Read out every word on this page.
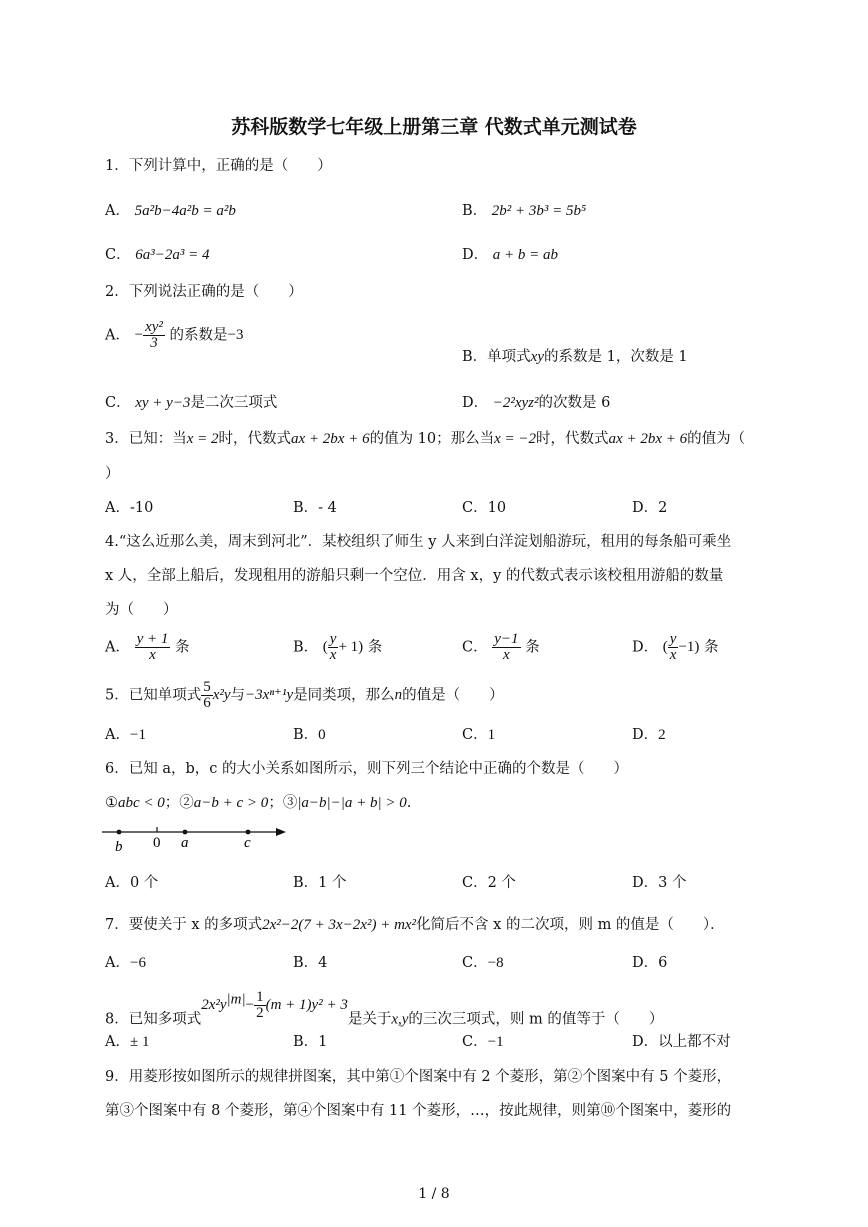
苏科版数学七年级上册第三章 代数式单元测试卷
1．下列计算中，正确的是（　　）
A． 5a²b−4a²b = a²b	B． 2b² + 3b³ = 5b⁵
C． 6a³−2a³ = 4	D． a + b = ab
2．下列说法正确的是（　　）
A． − $\frac{\text{xy²}}{3}$ 的系数是−3
B．单项式xy的系数是 1，次数是 1
C． xy + y−3是二次三项式	D． −2²xyz²的次数是 6
3．已知：当x = 2时，代数式ax + 2bx + 6的值为 10；那么当x = −2时，代数式ax + 2bx + 6的值为（
）
A．-10	B．- 4	C．10	D．2
4.“这么近那么美，周末到河北”．某校组织了师生 y 人来到白洋淀划船游玩，租用的每条船可乘坐
x 人，全部上船后，发现租用的游船只剩一个空位．用含 x，y 的代数式表示该校租用游船的数量
为（　　）
A． $\frac{y + 1}{x}$ 条	B． ( $\frac{y}{x} + 1$) 条	C． $\frac{y-1}{x}$ 条	D． ( $\frac{y}{x} -1$) 条
5．已知单项式 $\frac{5}{6} x^2y$与−3xⁿ⁺¹y是同类项，那么n的值是（　　）
A．−1	B．0	C．1	D．2
6．已知 a，b，c 的大小关系如图所示，则下列三个结论中正确的个数是（　　）
①abc < 0；②a−b + c > 0；③|a−b|−|a + b| > 0.
b 0 a	c
A．0 个	B．1 个	C．2 个	D．3 个
7．要使关于 x 的多项式2x²−2(7 + 3x−2x²) + mx²化简后不含 x 的二次项，则 m 的值是（　　）．
A．−6	B．4	C．−8	D．6
8．已知多项式$2x^2y^{|m|}- \frac{1}{2} (m + 1)y^2 + 3$是关于x,y的三次三项式，则 m 的值等于（　　）
A．± 1	B．1	C．−1	D．以上都不对
9．用菱形按如图所示的规律拼图案，其中第①个图案中有 2 个菱形，第②个图案中有 5 个菱形，
第③个图案中有 8 个菱形，第④个图案中有 11 个菱形，…，按此规律，则第⑩个图案中，菱形的
1 / 8
